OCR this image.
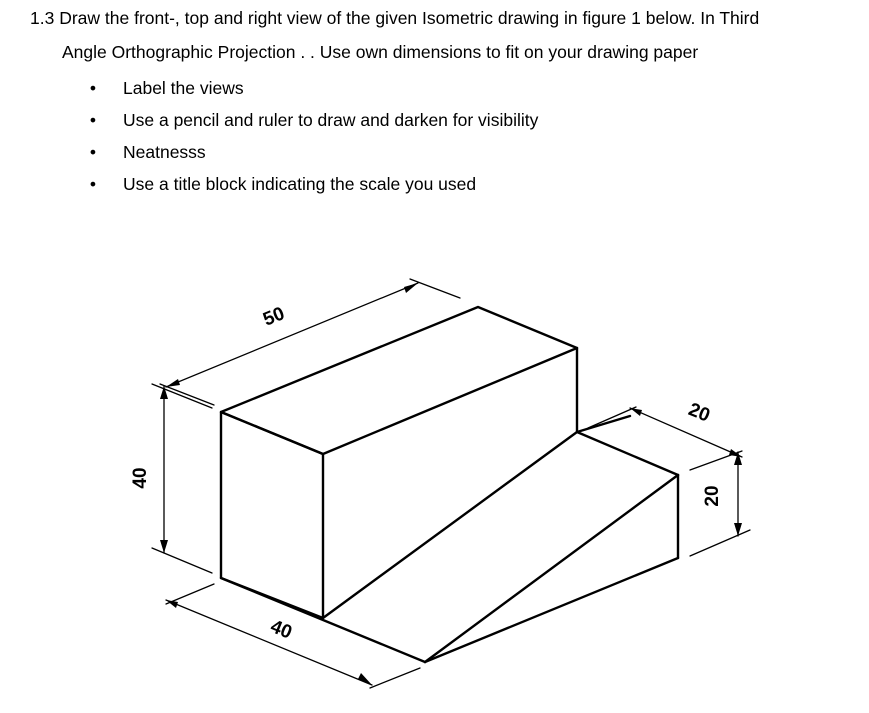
1.3 Draw the front-, top and right view of the given Isometric drawing in figure 1 below. In Third
Angle Orthographic Projection . . Use own dimensions to fit on your drawing paper
• Label the views
• Use a pencil and ruler to draw and darken for visibility
• Neatnesss
• Use a title block indicating the scale you used
50
40
40
20
20
